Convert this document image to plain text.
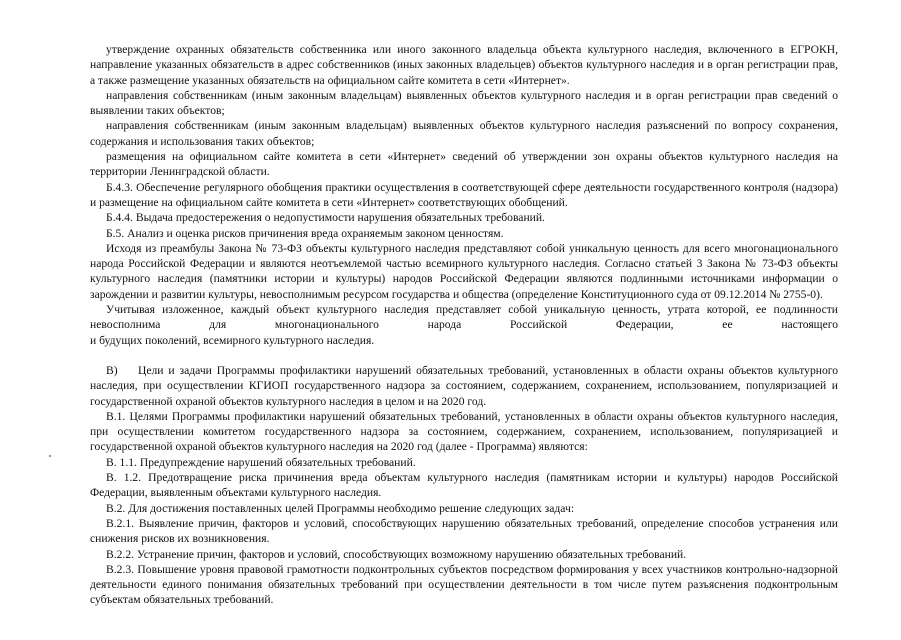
утверждение охранных обязательств собственника или иного законного владельца объекта культурного наследия, включенного в ЕГРОКН, направление указанных обязательств в адрес собственников (иных законных владельцев) объектов культурного наследия и в орган регистрации прав, а также размещение указанных обязательств на официальном сайте комитета в сети «Интернет».

направления собственникам (иным законным владельцам) выявленных объектов культурного наследия и в орган регистрации прав сведений о выявлении таких объектов;

направления собственникам (иным законным владельцам) выявленных объектов культурного наследия разъяснений по вопросу сохранения, содержания и использования таких объектов;

размещения на официальном сайте комитета в сети «Интернет» сведений об утверждении зон охраны объектов культурного наследия на территории Ленинградской области.

Б.4.3. Обеспечение регулярного обобщения практики осуществления в соответствующей сфере деятельности государственного контроля (надзора) и размещение на официальном сайте комитета в сети «Интернет» соответствующих обобщений.

Б.4.4. Выдача предостережения о недопустимости нарушения обязательных требований.

Б.5. Анализ и оценка рисков причинения вреда охраняемым законом ценностям.

Исходя из преамбулы Закона № 73-ФЗ объекты культурного наследия представляют собой уникальную ценность для всего многонационального народа Российской Федерации и являются неотъемлемой частью всемирного культурного наследия. Согласно статьей 3 Закона № 73-ФЗ объекты культурного наследия (памятники истории и культуры) народов Российской Федерации являются подлинными источниками информации о зарождении и развитии культуры, невосполнимым ресурсом государства и общества (определение Конституционного суда от 09.12.2014 № 2755-0).

Учитывая изложенное, каждый объект культурного наследия представляет собой уникальную ценность, утрата которой, ее подлинности невосполнима для многонационального народа Российской Федерации, ее настоящего

и будущих поколений, всемирного культурного наследия.

В) Цели и задачи Программы профилактики нарушений обязательных требований, установленных в области охраны объектов культурного наследия, при осуществлении КГИОП государственного надзора за состоянием, содержанием, сохранением, использованием, популяризацией и государственной охраной объектов культурного наследия в целом и на 2020 год.

В.1. Целями Программы профилактики нарушений обязательных требований, установленных в области охраны объектов культурного наследия, при осуществлении комитетом государственного надзора за состоянием, содержанием, сохранением, использованием, популяризацией и государственной охраной объектов культурного наследия на 2020 год (далее - Программа) являются:

В. 1.1. Предупреждение нарушений обязательных требований.

В. 1.2. Предотвращение риска причинения вреда объектам культурного наследия (памятникам истории и культуры) народов Российской Федерации, выявленным объектами культурного наследия.

В.2. Для достижения поставленных целей Программы необходимо решение следующих задач:

В.2.1. Выявление причин, факторов и условий, способствующих нарушению обязательных требований, определение способов устранения или снижения рисков их возникновения.

В.2.2. Устранение причин, факторов и условий, способствующих возможному нарушению обязательных требований.

В.2.3. Повышение уровня правовой грамотности подконтрольных субъектов посредством формирования у всех участников контрольно-надзорной деятельности единого понимания обязательных требований при осуществлении деятельности в том числе путем разъяснения подконтрольным субъектам обязательных требований.
